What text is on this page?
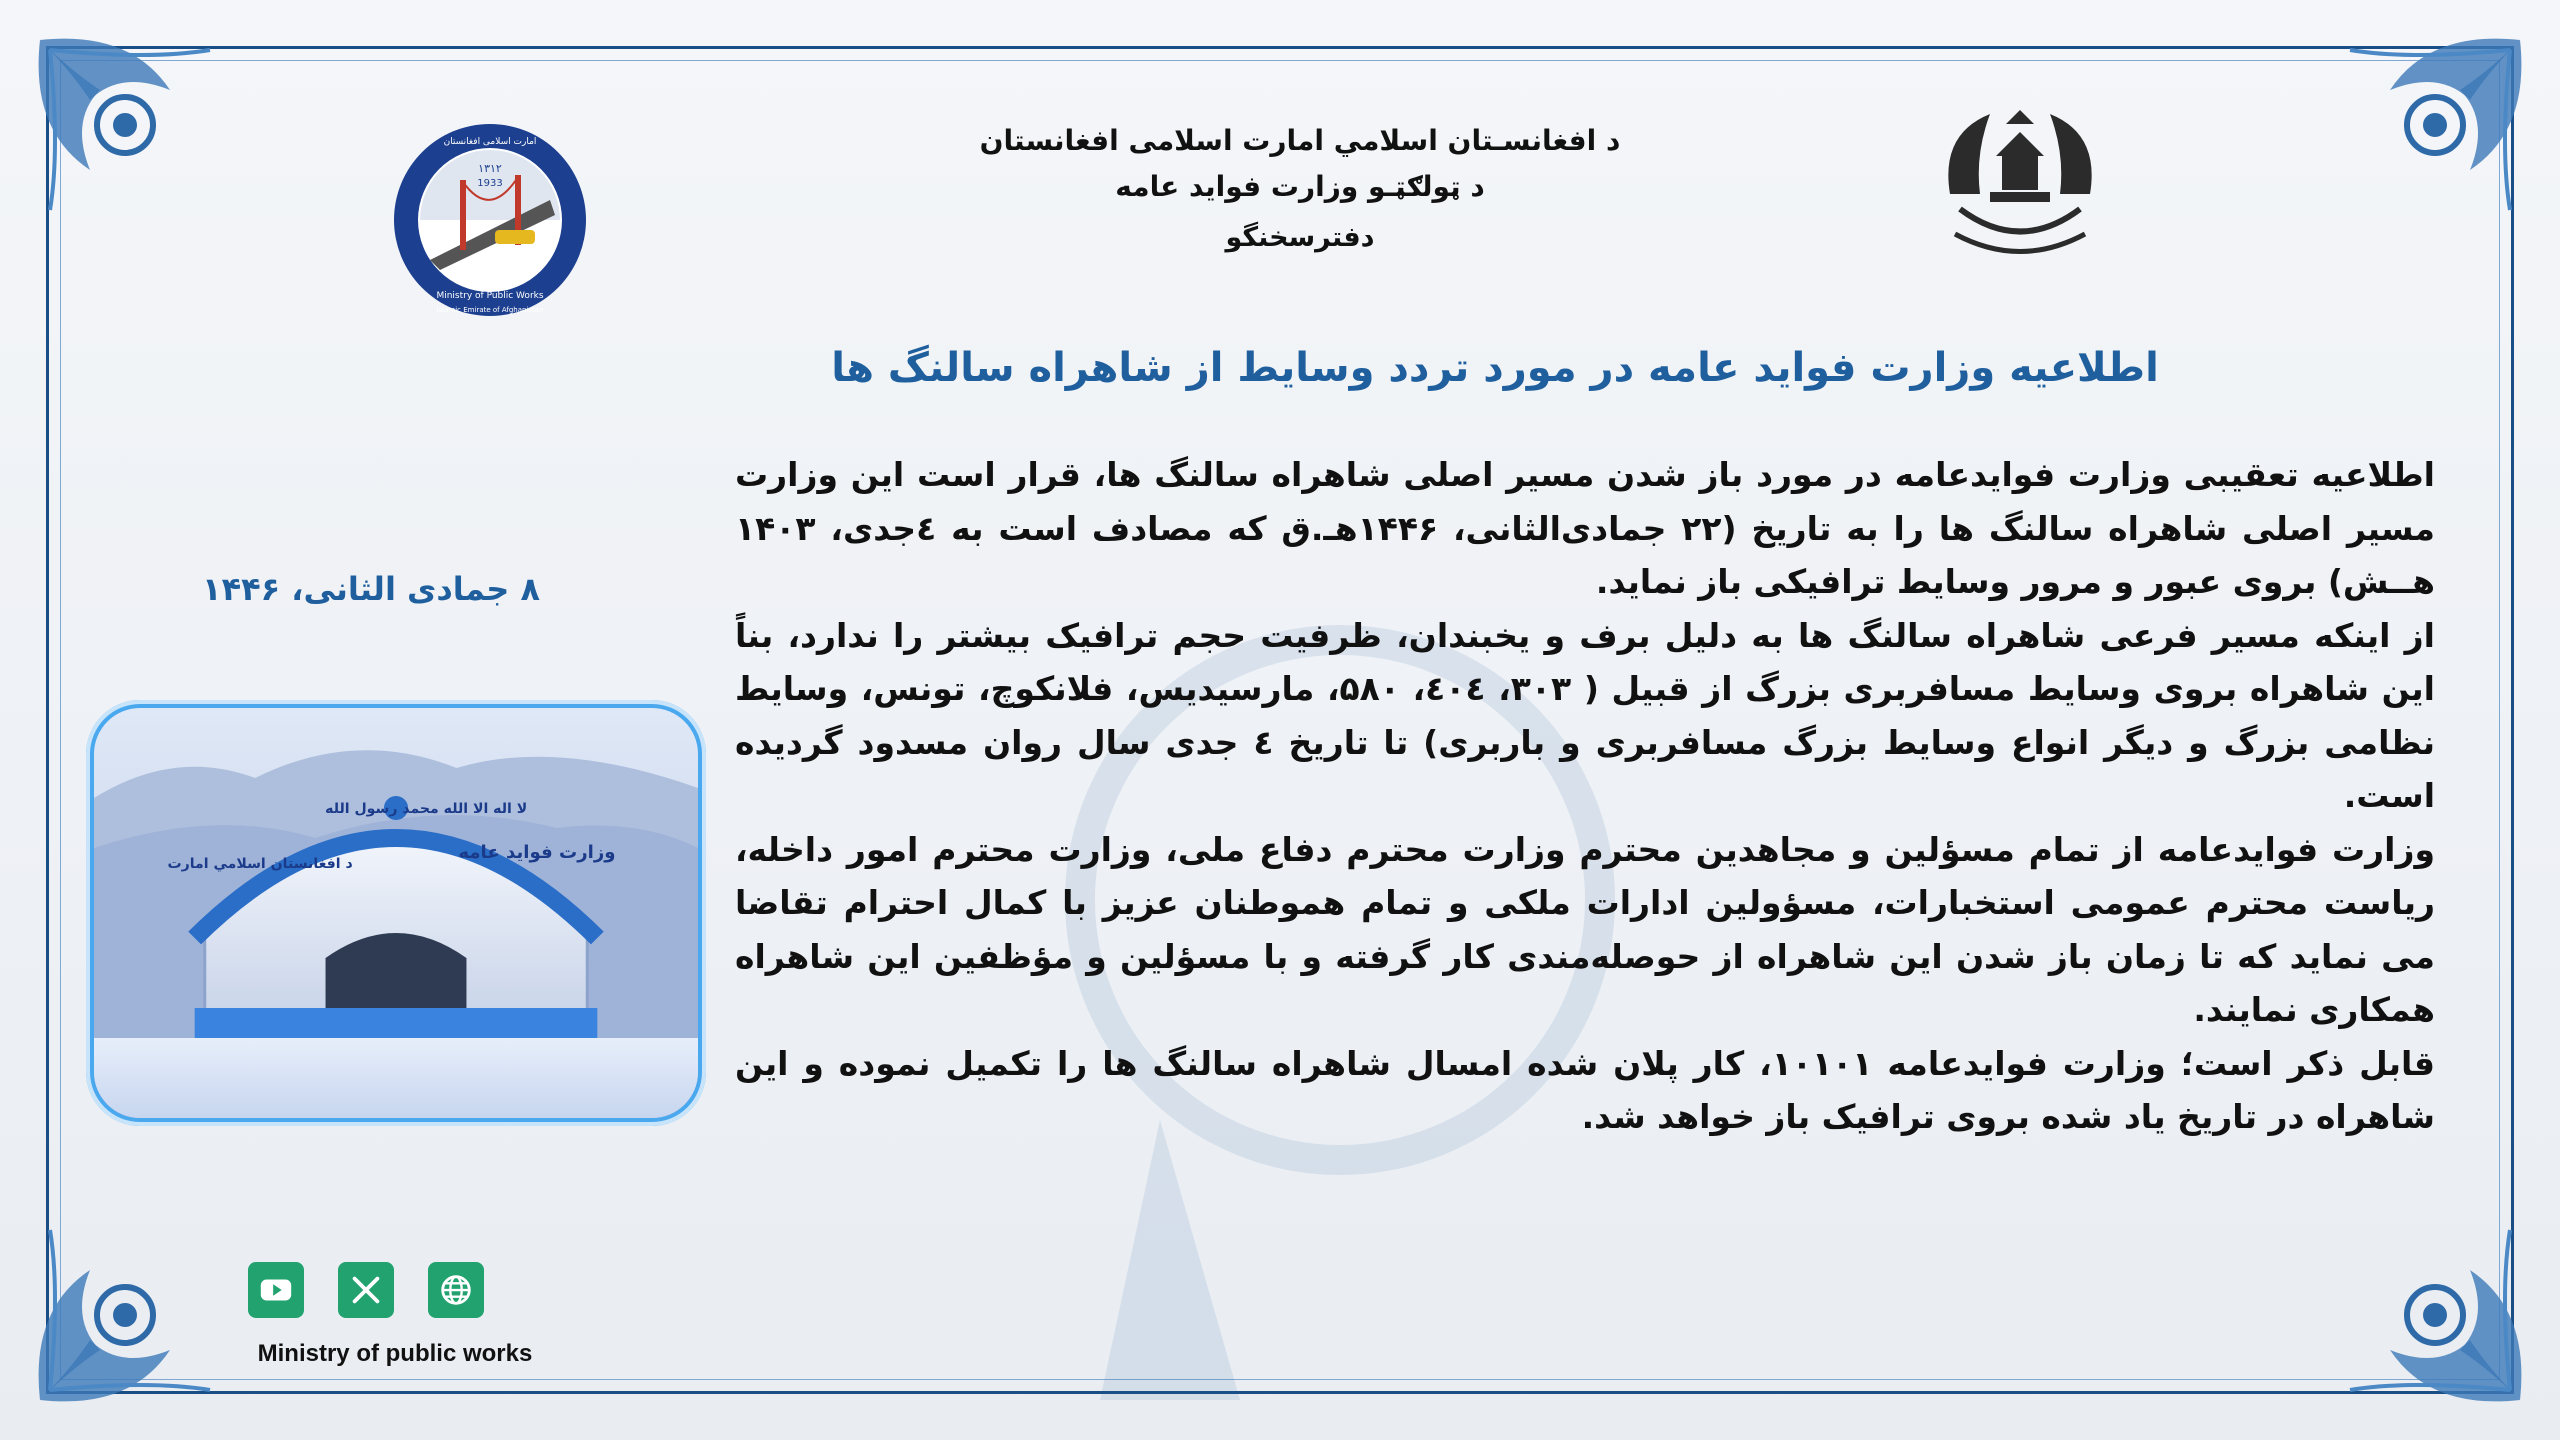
د افغانسـتان اسلامي امارت اسلامی افغانستان
د ټولګټـو وزارت فواید عامه
دفترسخنگو
۱۳۱۲
1933
Ministry of Public Works
Islamic Emirate of Afghanistan
امارت اسلامی افغانستان
اطلاعیه وزارت فواید عامه در مورد تردد وسایط از شاهراه سالنگ ها

اطلاعیه تعقیبی وزارت فوایدعامه در مورد باز شدن مسیر اصلی شاهراه سالنگ ها، قرار است این وزارت مسیر اصلی شاهراه سالنگ ها را به تاریخ (۲۲ جمادی‌الثانی، ۱۴۴۶هـ.ق که مصادف است به ٤جدی، ۱۴۰۳ هــش) بروی عبور و مرور وسایط ترافیکی باز نماید.

از اینکه مسیر فرعی شاهراه سالنگ ها به دلیل برف و یخبندان، ظرفیت حجم ترافیک بیشتر را ندارد، بناً این شاهراه بروی وسایط مسافربری بزرگ از قبیل ( ۳۰۳، ٤٠٤، ۵۸۰، مارسیدیس، فلانکوچ، تونس، وسایط نظامی بزرگ و دیگر انواع وسایط بزرگ مسافربری و باربری) تا تاریخ ٤ جدی سال روان مسدود گردیده است.

وزارت فوایدعامه از تمام مسؤلین و مجاهدین محترم وزارت محترم دفاع ملی، وزارت محترم امور داخله، ریاست محترم عمومی استخبارات، مسؤولین ادارات ملکی و تمام هموطنان عزیز با کمال احترام تقاضا می نماید که تا زمان باز شدن این شاهراه از حوصله‌مندی کار گرفته و با مسؤلین و مؤظفین این شاهراه همکاری نمایند.

قابل ذکر است؛ وزارت فوایدعامه ۱۰۱۰۱، کار پلان شده امسال شاهراه سالنگ ها را تکمیل نموده و این شاهراه در تاریخ یاد شده بروی ترافیک باز خواهد شد.

۸ جمادی الثانی، ۱۴۴۶
لا اله الا الله محمد رسول الله
وزارت فواید عامه
د افغانستان اسلامي امارت
Ministry of public works
